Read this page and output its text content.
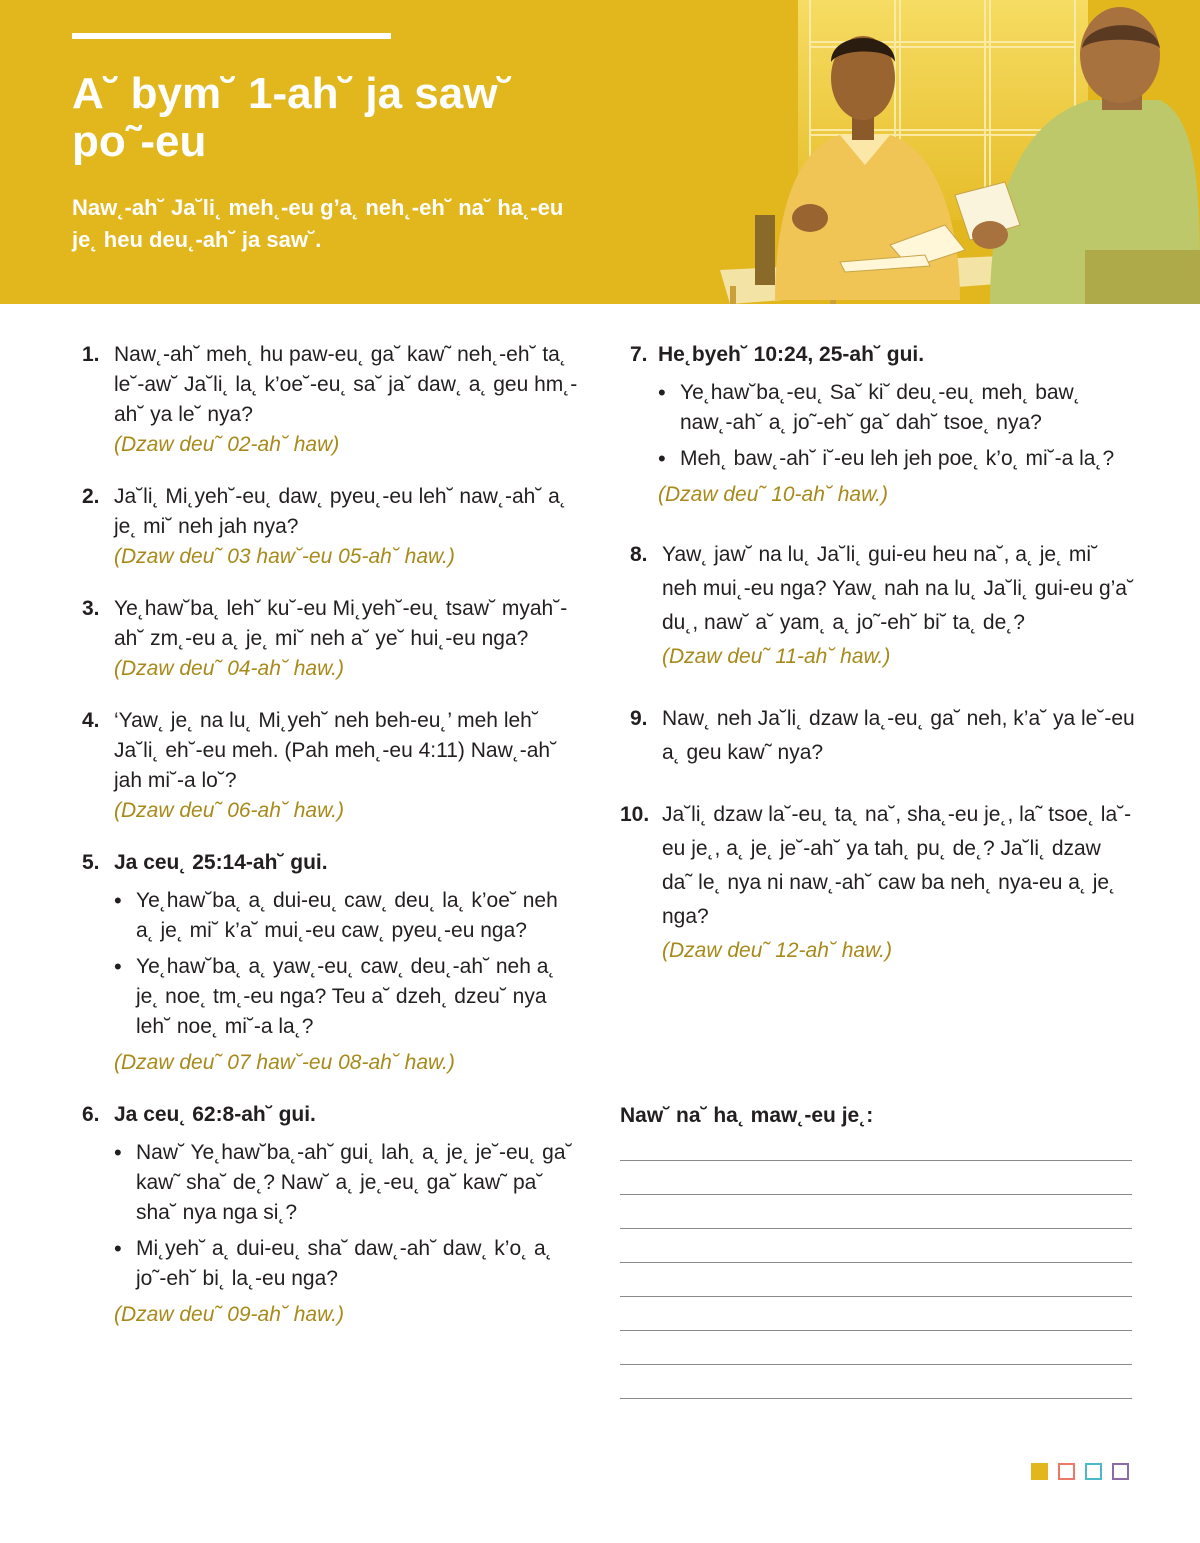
A˘ bym˘ 1-ah˘ ja saw˘ po˜-eu

Naw˛-ah˘ Ja˘li˛ meh˛-eu g’a˛ neh˛-eh˘ na˘ ha˛-eu je˛ heu deu˛-ah˘ ja saw˘.

1. Naw˛-ah˘ meh˛ hu paw-eu˛ ga˘ kaw˜ neh˛-eh˘ ta˛ le˘-aw˘ Ja˘li˛ la˛ k’oe˘-eu˛ sa˘ ja˘ daw˛ a˛ geu hm˛-ah˘ ya le˘ nya?
(Dzaw deu˜ 02-ah˘ haw)
2. Ja˘li˛ Mi˛yeh˘-eu˛ daw˛ pyeu˛-eu leh˘ naw˛-ah˘ a˛ je˛ mi˘ neh jah nya?
(Dzaw deu˜ 03 haw˘-eu 05-ah˘ haw.)
3. Ye˛haw˘ba˛ leh˘ ku˘-eu Mi˛yeh˘-eu˛ tsaw˘ myah˘-ah˘ zm˛-eu a˛ je˛ mi˘ neh a˘ ye˘ hui˛-eu nga?
(Dzaw deu˜ 04-ah˘ haw.)
4. ‘Yaw˛ je˛ na lu˛ Mi˛yeh˘ neh beh-eu˛’ meh leh˘ Ja˘li˛ eh˘-eu meh. (Pah meh˛-eu 4:11) Naw˛-ah˘ jah mi˘-a lo˘?
(Dzaw deu˜ 06-ah˘ haw.)
5. Ja ceu˛ 25:14-ah˘ gui.
• Ye˛haw˘ba˛ a˛ dui-eu˛ caw˛ deu˛ la˛ k’oe˘ neh a˛ je˛ mi˘ k’a˘ mui˛-eu caw˛ pyeu˛-eu nga?
• Ye˛haw˘ba˛ a˛ yaw˛-eu˛ caw˛ deu˛-ah˘ neh a˛ je˛ noe˛ tm˛-eu nga? Teu a˘ dzeh˛ dzeu˘ nya leh˘ noe˛ mi˘-a la˛?
(Dzaw deu˜ 07 haw˘-eu 08-ah˘ haw.)
6. Ja ceu˛ 62:8-ah˘ gui.
• Naw˘ Ye˛haw˘ba˛-ah˘ gui˛ lah˛ a˛ je˛ je˘-eu˛ ga˘ kaw˜ sha˘ de˛? Naw˘ a˛ je˛-eu˛ ga˘ kaw˜ pa˘ sha˘ nya nga si˛?
• Mi˛yeh˘ a˛ dui-eu˛ sha˘ daw˛-ah˘ daw˛ k’o˛ a˛ jo˜-eh˘ bi˛ la˛-eu nga?
(Dzaw deu˜ 09-ah˘ haw.)
7. He˛byeh˘ 10:24, 25-ah˘ gui.
• Ye˛haw˘ba˛-eu˛ Sa˘ ki˘ deu˛-eu˛ meh˛ baw˛ naw˛-ah˘ a˛ jo˜-eh˘ ga˘ dah˘ tsoe˛ nya?
• Meh˛ baw˛-ah˘ i˘-eu leh jeh poe˛ k’o˛ mi˘-a la˛?
(Dzaw deu˜ 10-ah˘ haw.)
8. Yaw˛ jaw˘ na lu˛ Ja˘li˛ gui-eu heu na˘, a˛ je˛ mi˘ neh mui˛-eu nga? Yaw˛ nah na lu˛ Ja˘li˛ gui-eu g’a˘ du˛, naw˘ a˘ yam˛ a˛ jo˜-eh˘ bi˘ ta˛ de˛?
(Dzaw deu˜ 11-ah˘ haw.)
9. Naw˛ neh Ja˘li˛ dzaw la˛-eu˛ ga˘ neh, k’a˘ ya le˘-eu a˛ geu kaw˜ nya?
10. Ja˘li˛ dzaw la˘-eu˛ ta˛ na˘, sha˛-eu je˛, la˜ tsoe˛ la˘-eu je˛, a˛ je˛ je˘-ah˘ ya tah˛ pu˛ de˛? Ja˘li˛ dzaw da˜ le˛ nya ni naw˛-ah˘ caw ba neh˛ nya-eu a˛ je˛ nga?
(Dzaw deu˜ 12-ah˘ haw.)

Naw˘ na˘ ha˛ maw˛-eu je˛:
